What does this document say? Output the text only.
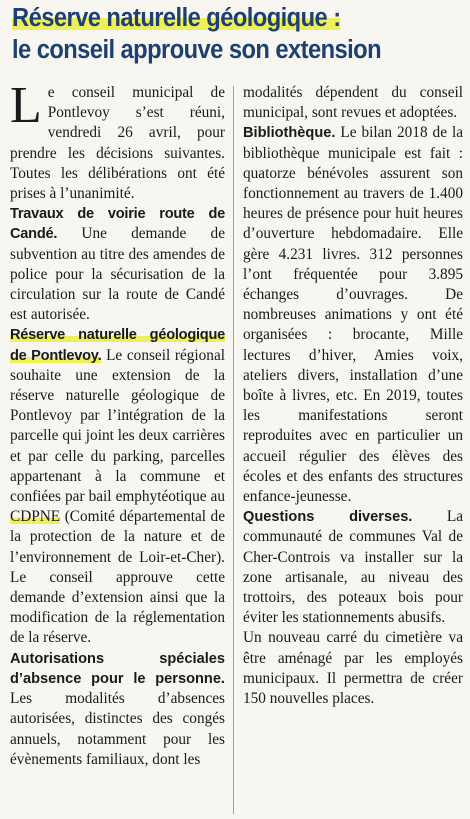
Réserve naturelle géologique :
le conseil approuve son extension

Le conseil municipal de Pontlevoy s’est réuni, vendredi 26 avril, pour prendre les décisions suivantes. Toutes les délibérations ont été prises à l’unanimité.

Travaux de voirie route de Candé. Une demande de subvention au titre des amendes de police pour la sécurisation de la circulation sur la route de Candé est autorisée.

Réserve naturelle géologique de Pontlevoy. Le conseil régional souhaite une extension de la réserve naturelle géologique de Pontlevoy par l’intégration de la parcelle qui joint les deux carrières et par celle du parking, parcelles appartenant à la commune et confiées par bail emphytéotique au CDPNE (Comité départemental de la protection de la nature et de l’environnement de Loir-et-Cher). Le conseil approuve cette demande d’extension ainsi que la modification de la réglementation de la réserve.

Autorisations spéciales d’absence pour le personne. Les modalités d’absences autorisées, distinctes des congés annuels, notamment pour les évènements familiaux, dont les

modalités dépendent du conseil municipal, sont revues et adoptées.

Bibliothèque. Le bilan 2018 de la bibliothèque municipale est fait : quatorze bénévoles assurent son fonctionnement au travers de 1.400 heures de présence pour huit heures d’ouverture hebdomadaire. Elle gère 4.231 livres. 312 personnes l’ont fréquentée pour 3.895 échanges d’ouvrages. De nombreuses animations y ont été organisées : brocante, Mille lectures d’hiver, Amies voix, ateliers divers, installation d’une boîte à livres, etc. En 2019, toutes les manifestations seront reproduites avec en particulier un accueil régulier des élèves des écoles et des enfants des structures enfance-jeunesse.

Questions diverses. La communauté de communes Val de Cher-Controis va installer sur la zone artisanale, au niveau des trottoirs, des poteaux bois pour éviter les stationnements abusifs.

Un nouveau carré du cimetière va être aménagé par les employés municipaux. Il permettra de créer 150 nouvelles places.
